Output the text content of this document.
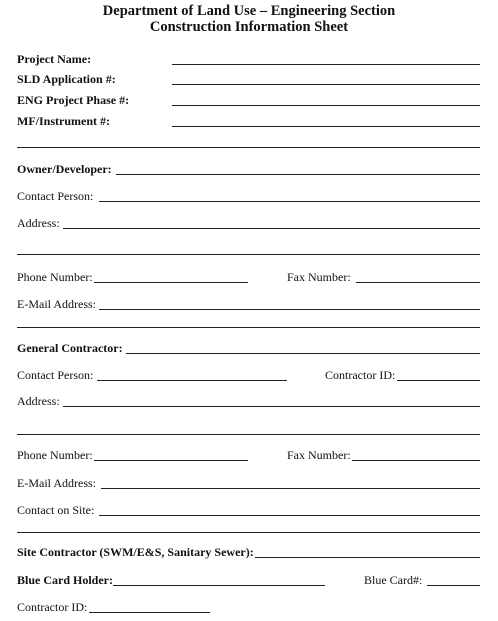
Department of Land Use – Engineering Section
Construction Information Sheet
Project Name:
SLD Application #:
ENG Project Phase #:
MF/Instrument #:
Owner/Developer:
Contact Person:
Address:
Phone Number:	Fax Number:
E-Mail Address:
General Contractor:
Contact Person:	Contractor ID:
Address:
Phone Number:	Fax Number:
E-Mail Address:
Contact on Site:
Site Contractor (SWM/E&S, Sanitary Sewer):
Blue Card Holder:	Blue Card#:
Contractor ID:
